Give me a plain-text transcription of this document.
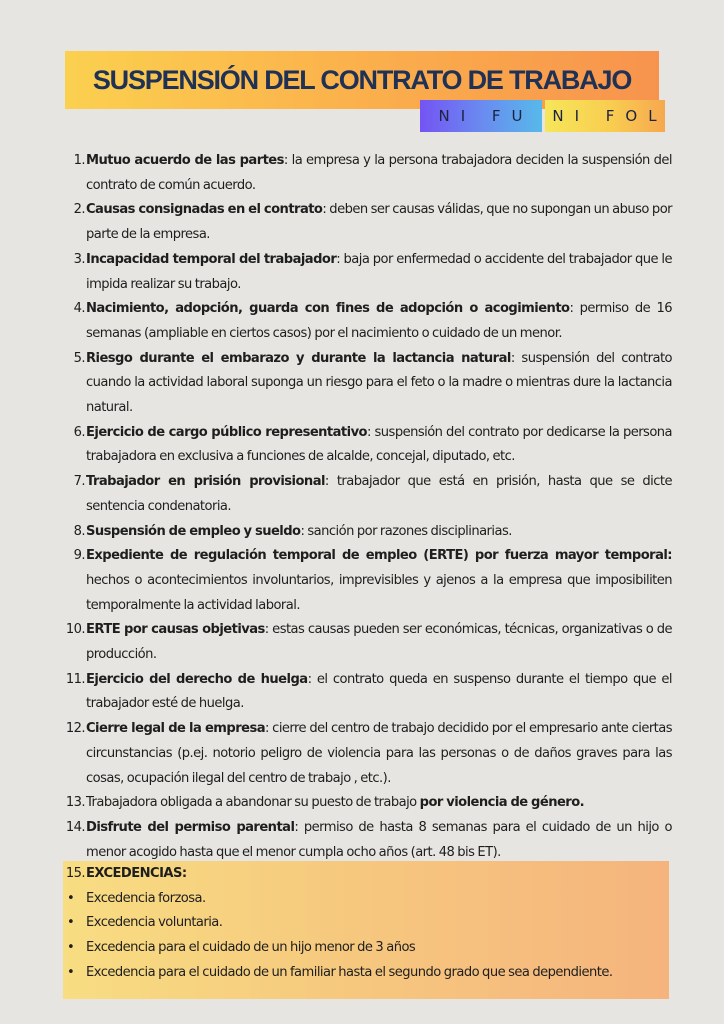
SUSPENSIÓN DEL CONTRATO DE TRABAJO
NI FU NI FOL
1. Mutuo acuerdo de las partes: la empresa y la persona trabajadora deciden la suspensión del contrato de común acuerdo.
2. Causas consignadas en el contrato: deben ser causas válidas, que no supongan un abuso por parte de la empresa.
3. Incapacidad temporal del trabajador: baja por enfermedad o accidente del trabajador que le impida realizar su trabajo.
4. Nacimiento, adopción, guarda con fines de adopción o acogimiento: permiso de 16 semanas (ampliable en ciertos casos) por el nacimiento o cuidado de un menor.
5. Riesgo durante el embarazo y durante la lactancia natural: suspensión del contrato cuando la actividad laboral suponga un riesgo para el feto o la madre o mientras dure la lactancia natural.
6. Ejercicio de cargo público representativo: suspensión del contrato por dedicarse la persona trabajadora en exclusiva a funciones de alcalde, concejal, diputado, etc.
7. Trabajador en prisión provisional: trabajador que está en prisión, hasta que se dicte sentencia condenatoria.
8. Suspensión de empleo y sueldo: sanción por razones disciplinarias.
9. Expediente de regulación temporal de empleo (ERTE) por fuerza mayor temporal: hechos o acontecimientos involuntarios, imprevisibles y ajenos a la empresa que imposibiliten temporalmente la actividad laboral.
10. ERTE por causas objetivas: estas causas pueden ser económicas, técnicas, organizativas o de producción.
11. Ejercicio del derecho de huelga: el contrato queda en suspenso durante el tiempo que el trabajador esté de huelga.
12. Cierre legal de la empresa: cierre del centro de trabajo decidido por el empresario ante ciertas circunstancias (p.ej. notorio peligro de violencia para las personas o de daños graves para las cosas, ocupación ilegal del centro de trabajo , etc.).
13. Trabajadora obligada a abandonar su puesto de trabajo por violencia de género.
14. Disfrute del permiso parental: permiso de hasta 8 semanas para el cuidado de un hijo o menor acogido hasta que el menor cumpla ocho años (art. 48 bis ET).
15. EXCEDENCIAS:
• Excedencia forzosa.
• Excedencia voluntaria.
• Excedencia para el cuidado de un hijo menor de 3 años
• Excedencia para el cuidado de un familiar hasta el segundo grado que sea dependiente.
